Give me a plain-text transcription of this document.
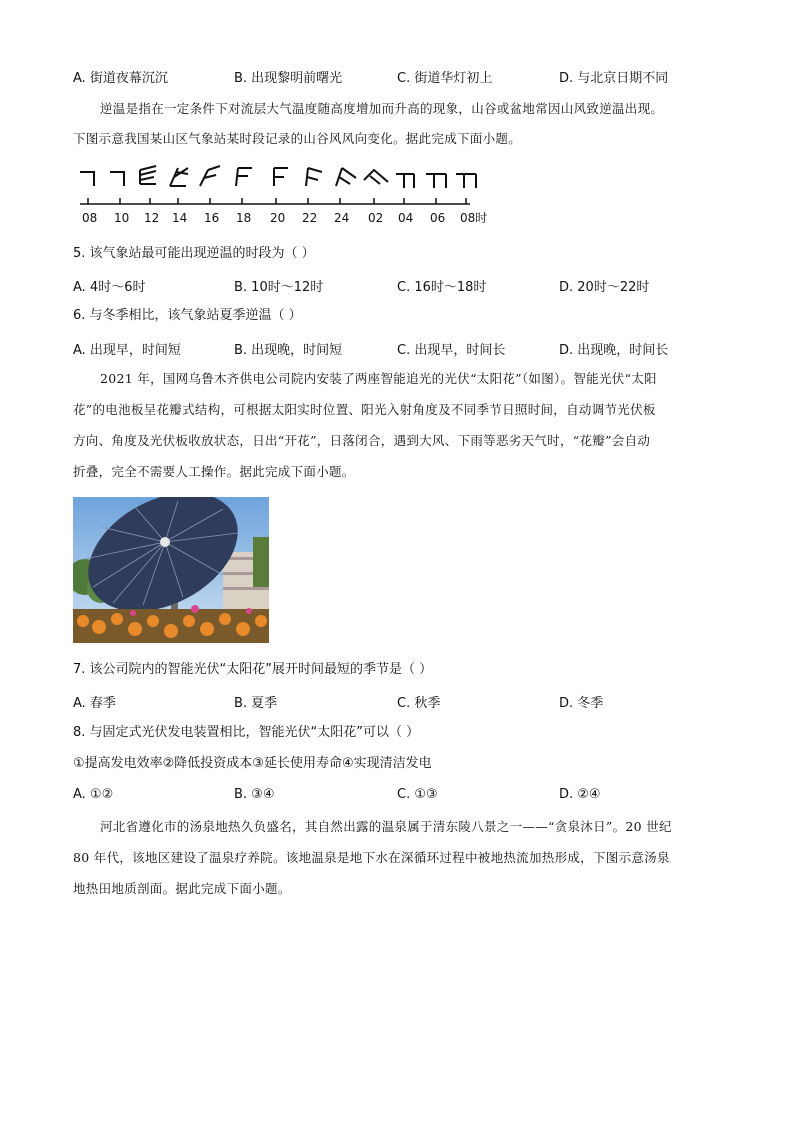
A. 街道夜幕沉沉	B. 出现黎明前曙光	C. 街道华灯初上	D. 与北京日期不同
逆温是指在一定条件下对流层大气温度随高度增加而升高的现象，山谷或盆地常因山风致逆温出现。
下图示意我国某山区气象站某时段记录的山谷风风向变化。据此完成下面小题。
08 10 12 14 16 18 20 22 24 02 04 06 08时
5. 该气象站最可能出现逆温的时段为（ ）
A. 4时～6时	B. 10时～12时	C. 16时～18时	D. 20时～22时
6. 与冬季相比，该气象站夏季逆温（ ）
A. 出现早，时间短	B. 出现晚，时间短	C. 出现早，时间长	D. 出现晚，时间长
2021 年，国网乌鲁木齐供电公司院内安装了两座智能追光的光伏“太阳花”（如图）。智能光伏“太阳
花”的电池板呈花瓣式结构，可根据太阳实时位置、阳光入射角度及不同季节日照时间，自动调节光伏板
方向、角度及光伏板收放状态，日出“开花”，日落闭合，遇到大风、下雨等恶劣天气时，“花瓣”会自动
折叠，完全不需要人工操作。据此完成下面小题。
7. 该公司院内的智能光伏“太阳花”展开时间最短的季节是（ ）
A. 春季	B. 夏季	C. 秋季	D. 冬季
8. 与固定式光伏发电装置相比，智能光伏“太阳花”可以（ ）
①提高发电效率②降低投资成本③延长使用寿命④实现清洁发电
A. ①②	B. ③④	C. ①③	D. ②④
河北省遵化市的汤泉地热久负盛名，其自然出露的温泉属于清东陵八景之一——“贪泉沐日”。20 世纪
80 年代，该地区建设了温泉疗养院。该地温泉是地下水在深循环过程中被地热流加热形成，下图示意汤泉
地热田地质剖面。据此完成下面小题。
